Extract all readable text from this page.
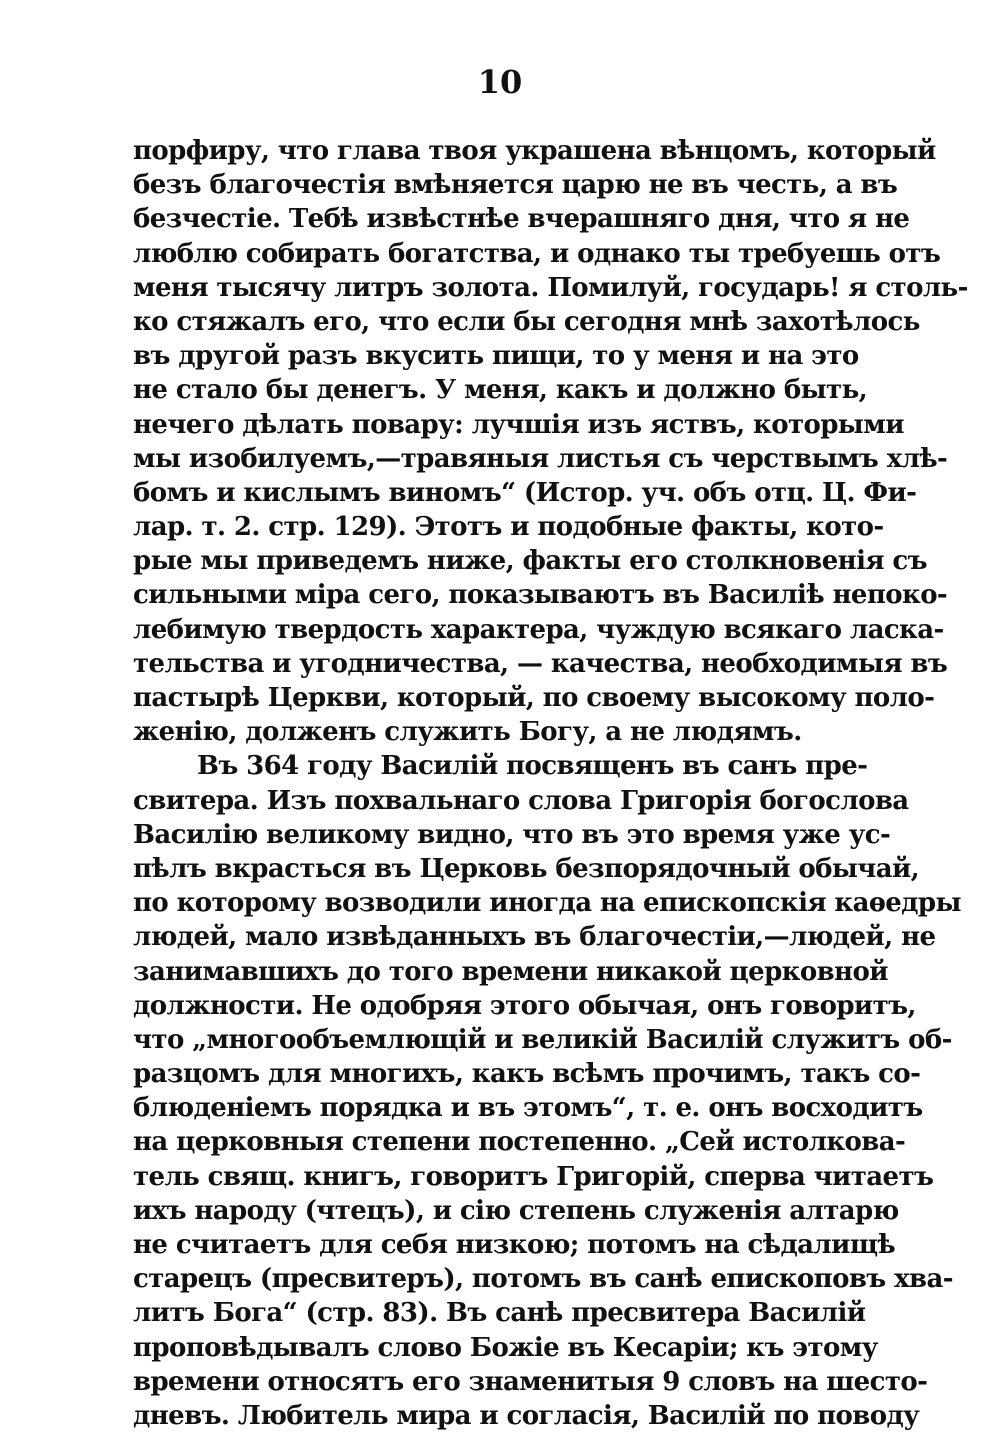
10
порфиру, что глава твоя украшена вѣнцомъ, который
безъ благочестія вмѣняется царю не въ честь, а въ
безчестіе. Тебѣ извѣстнѣе вчерашняго дня, что я не
люблю собирать богатства, и однако ты требуешь отъ
меня тысячу литръ золота. Помилуй, государь! я столь-
ко стяжалъ его, что если бы сегодня мнѣ захотѣлось
въ другой разъ вкусить пищи, то у меня и на это
не стало бы денегъ. У меня, какъ и должно быть,
нечего дѣлать повару: лучшія изъ яствъ, которыми
мы изобилуемъ,—травяныя листья съ черствымъ хлѣ-
бомъ и кислымъ виномъ“ (Истор. уч. объ отц. Ц. Фи-
лар. т. 2. стр. 129). Этотъ и подобные факты, кото-
рые мы приведемъ ниже, факты его столкновенія съ
сильными міра сего, показываютъ въ Василіѣ непоко-
лебимую твердость характера, чуждую всякаго ласка-
тельства и угодничества, — качества, необходимыя въ
пастырѣ Церкви, который, по своему высокому поло-
женію, долженъ служить Богу, а не людямъ.
Въ 364 году Василій посвященъ въ санъ пре-
свитера. Изъ похвальнаго слова Григорія богослова
Василію великому видно, что въ это время уже ус-
пѣлъ вкрасться въ Церковь безпорядочный обычай,
по которому возводили иногда на епископскія каѳедры
людей, мало извѣданныхъ въ благочестіи,—людей, не
занимавшихъ до того времени никакой церковной
должности. Не одобряя этого обычая, онъ говоритъ,
что „многообъемлющій и великій Василій служитъ об-
разцомъ для многихъ, какъ всѣмъ прочимъ, такъ со-
блюденіемъ порядка и въ этомъ“, т. е. онъ восходитъ
на церковныя степени постепенно. „Сей истолкова-
тель свящ. книгъ, говоритъ Григорій, сперва читаетъ
ихъ народу (чтецъ), и сію степень служенія алтарю
не считаетъ для себя низкою; потомъ на сѣдалищѣ
старецъ (пресвитеръ), потомъ въ санѣ епископовъ хва-
литъ Бога“ (стр. 83). Въ санѣ пресвитера Василій
проповѣдывалъ слово Божіе въ Кесаріи; къ этому
времени относятъ его знаменитыя 9 словъ на шесто-
дневъ. Любитель мира и согласія, Василій по поводу
